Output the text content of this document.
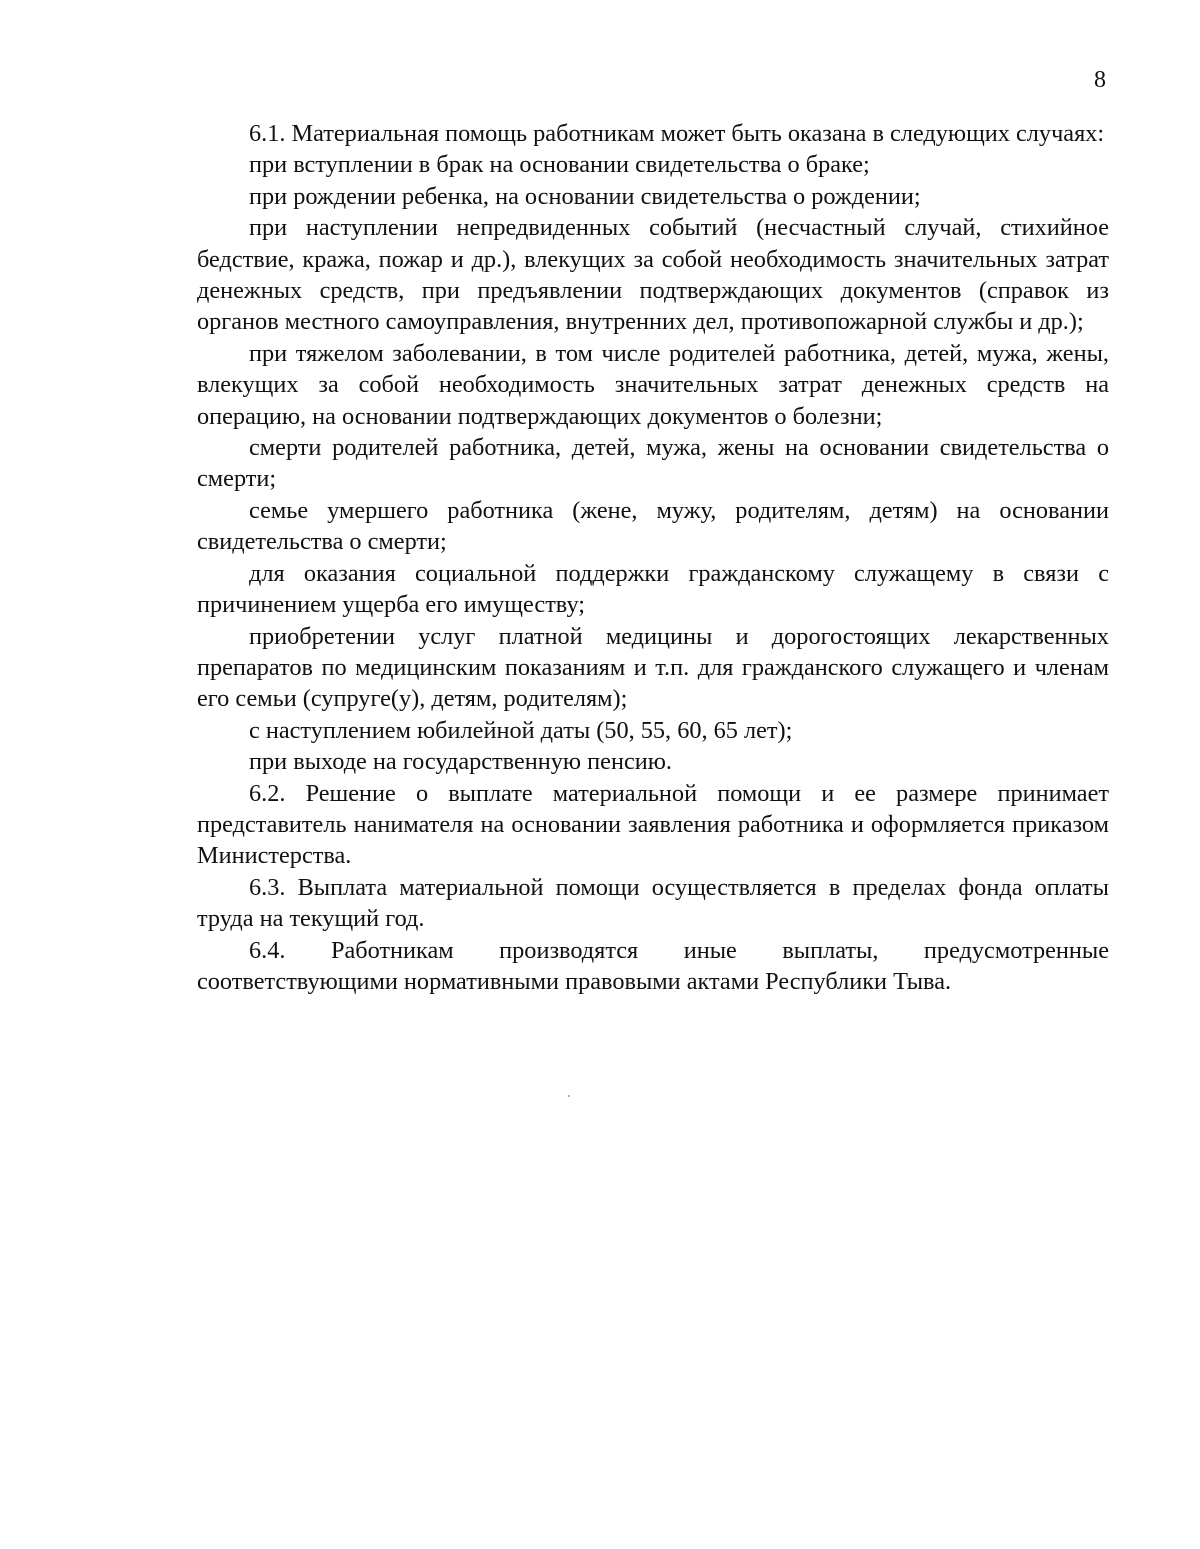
8

6.1. Материальная помощь работникам может быть оказана в следующих случаях:

при вступлении в брак на основании свидетельства о браке;

при рождении ребенка, на основании свидетельства о рождении;

при наступлении непредвиденных событий (несчастный случай, стихийное бедствие, кража, пожар и др.), влекущих за собой необходимость значительных затрат денежных средств, при предъявлении подтверждающих документов (справок из органов местного самоуправления, внутренних дел, противопожарной службы и др.);

при тяжелом заболевании, в том числе родителей работника, детей, мужа, жены, влекущих за собой необходимость значительных затрат денежных средств на операцию, на основании подтверждающих документов о болезни;

смерти родителей работника, детей, мужа, жены на основании свидетельства о смерти;

семье умершего работника (жене, мужу, родителям, детям) на основании свидетельства о смерти;

для оказания социальной поддержки гражданскому служащему в связи с причинением ущерба его имуществу;

приобретении услуг платной медицины и дорогостоящих лекарственных препаратов по медицинским показаниям и т.п. для гражданского служащего и членам его семьи (супруге(у), детям, родителям);

с наступлением юбилейной даты (50, 55, 60, 65 лет);

при выходе на государственную пенсию.

6.2. Решение о выплате материальной помощи и ее размере принимает представитель нанимателя на основании заявления работника и оформляется приказом Министерства.

6.3. Выплата материальной помощи осуществляется в пределах фонда оплаты труда на текущий год.

6.4. Работникам производятся иные выплаты, предусмотренные соответствующими нормативными правовыми актами Республики Тыва.
